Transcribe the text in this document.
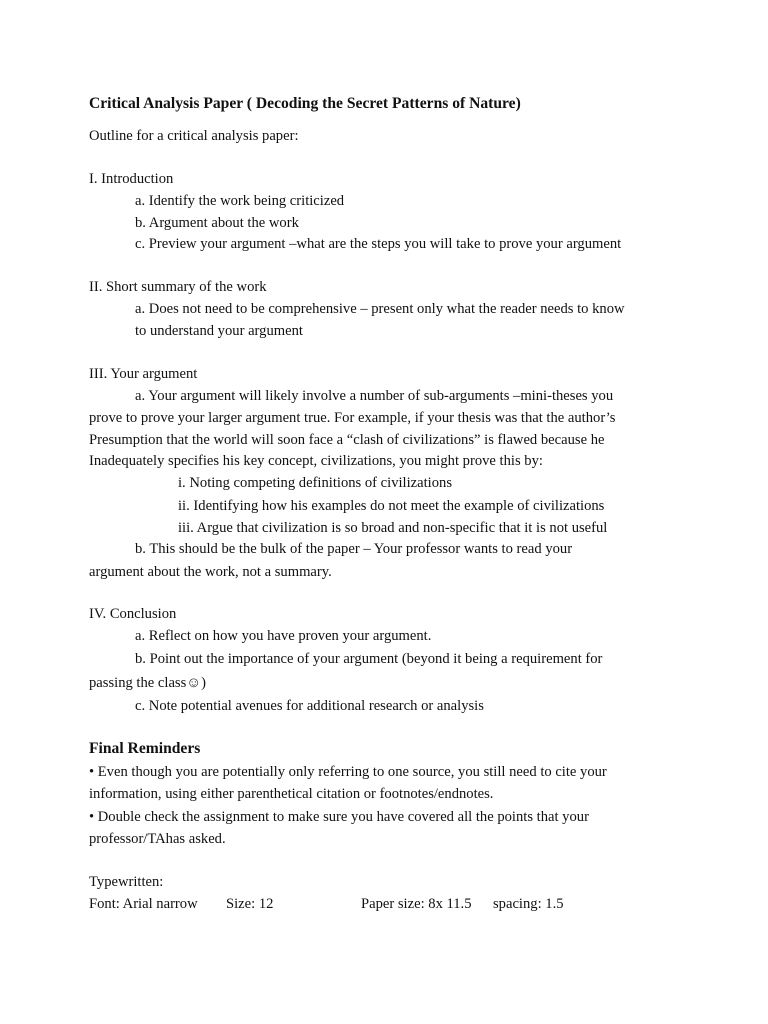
Critical Analysis Paper ( Decoding the Secret Patterns of Nature)
Outline for a critical analysis paper:
I. Introduction
a. Identify the work being criticized
b. Argument about the work
c. Preview your argument –what are the steps you will take to prove your argument
II. Short summary of the work
a. Does not need to be comprehensive – present only what the reader needs to know
to understand your argument
III. Your argument
a. Your argument will likely involve a number of sub-arguments –mini-theses you
prove to prove your larger argument true. For example, if your thesis was that the author’s
Presumption that the world will soon face a “clash of civilizations” is flawed because he
Inadequately specifies his key concept, civilizations, you might prove this by:
i. Noting competing definitions of civilizations
ii. Identifying how his examples do not meet the example of civilizations
iii. Argue that civilization is so broad and non-specific that it is not useful
b. This should be the bulk of the paper – Your professor wants to read your
argument about the work, not a summary.
IV. Conclusion
a. Reflect on how you have proven your argument.
b. Point out the importance of your argument (beyond it being a requirement for
passing the class☺)
c. Note potential avenues for additional research or analysis
Final Reminders
• Even though you are potentially only referring to one source, you still need to cite your
information, using either parenthetical citation or footnotes/endnotes.
• Double check the assignment to make sure you have covered all the points that your
professor/TAhas asked.
Typewritten:
Font: Arial narrow Size: 12	Paper size: 8x 11.5 spacing: 1.5
